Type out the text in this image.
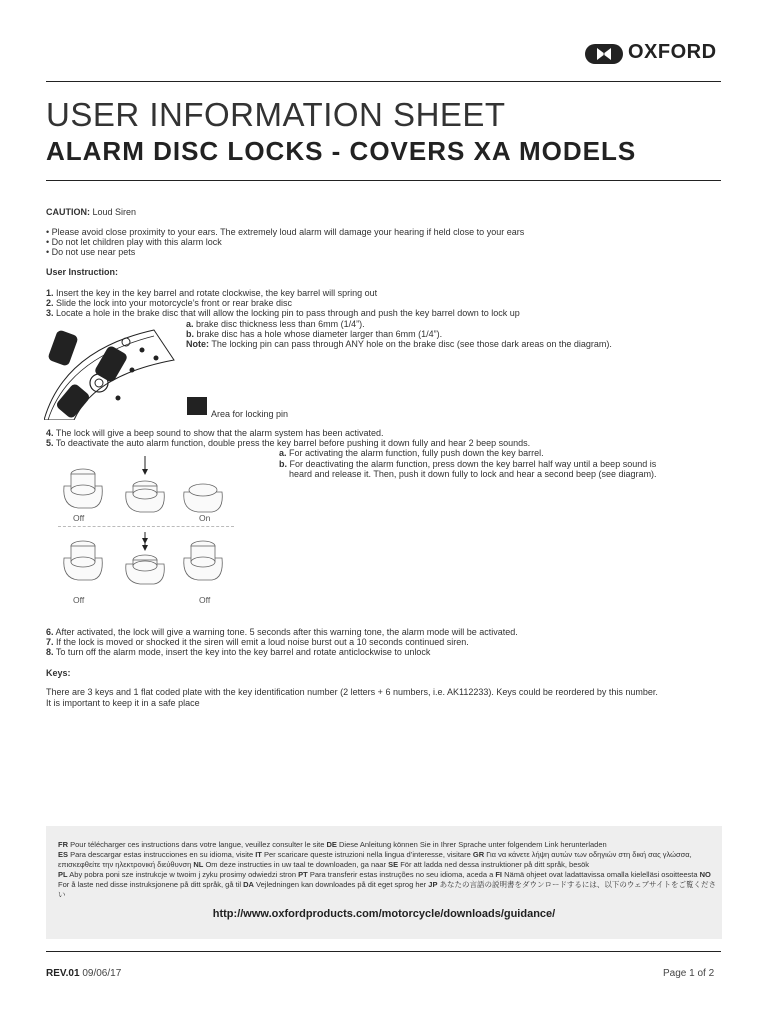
OXFORD
USER INFORMATION SHEET
ALARM DISC LOCKS - COVERS XA MODELS
CAUTION: Loud Siren
• Please avoid close proximity to your ears. The extremely loud alarm will damage your hearing if held close to your ears
• Do not let children play with this alarm lock
• Do not use near pets
User Instruction:
1. Insert the key in the key barrel and rotate clockwise, the key barrel will spring out
2. Slide the lock into your motorcycle’s front or rear brake disc
3. Locate a hole in the brake disc that will allow the locking pin to pass through and push the key barrel down to lock up
a. brake disc thickness less than 6mm (1/4”).
b. brake disc has a hole whose diameter larger than 6mm (1/4”).
Note: The locking pin can pass through ANY hole on the brake disc (see those dark areas on the diagram).
Area for locking pin
4. The lock will give a beep sound to show that the alarm system has been activated.
5. To deactivate the auto alarm function, double press the key barrel before pushing it down fully and hear 2 beep sounds.
a. For activating the alarm function, fully push down the key barrel.
b. For deactivating the alarm function, press down the key barrel half way until a beep sound is
heard and release it. Then, push it down fully to lock and hear a second beep (see diagram).
Off	On
Off	Off
6. After activated, the lock will give a warning tone. 5 seconds after this warning tone, the alarm mode will be activated.
7. If the lock is moved or shocked it the siren will emit a loud noise burst out a 10 seconds continued siren.
8. To turn off the alarm mode, insert the key into the key barrel and rotate anticlockwise to unlock
Keys:
There are 3 keys and 1 flat coded plate with the key identification number (2 letters + 6 numbers, i.e. AK112233). Keys could be reordered by this number.
It is important to keep it in a safe place
FR Pour télécharger ces instructions dans votre langue, veuillez consulter le site DE Diese Anleitung können Sie in Ihrer Sprache unter folgendem Link herunterladen
ES Para descargar estas instrucciones en su idioma, visite IT Per scaricare queste istruzioni nella lingua d’interesse, visitare GR Για να κάνετε λήψη αυτών των οδηγιών στη δική σας γλώσσα, επισκεφθείτε την ηλεκτρονική διεύθυνση NL Om deze instructies in uw taal te downloaden, ga naar SE För att ladda ned dessa instruktioner på ditt språk, besök
PL Aby pobra poni sze instrukcje w twoim j zyku prosimy odwiedzi stron PT Para transferir estas instruções no seu idioma, aceda a FI Nämä ohjeet ovat ladattavissa omalla kielelläsi osoitteesta NO For å laste ned disse instruksjonene på ditt språk, gå til DA Vejledningen kan downloades på dit eget sprog her JP あなたの言語の説明書をダウンロードするには、以下のウェブサイトをご覧ください
http://www.oxfordproducts.com/motorcycle/downloads/guidance/
REV.01 09/06/17	Page 1 of 2
